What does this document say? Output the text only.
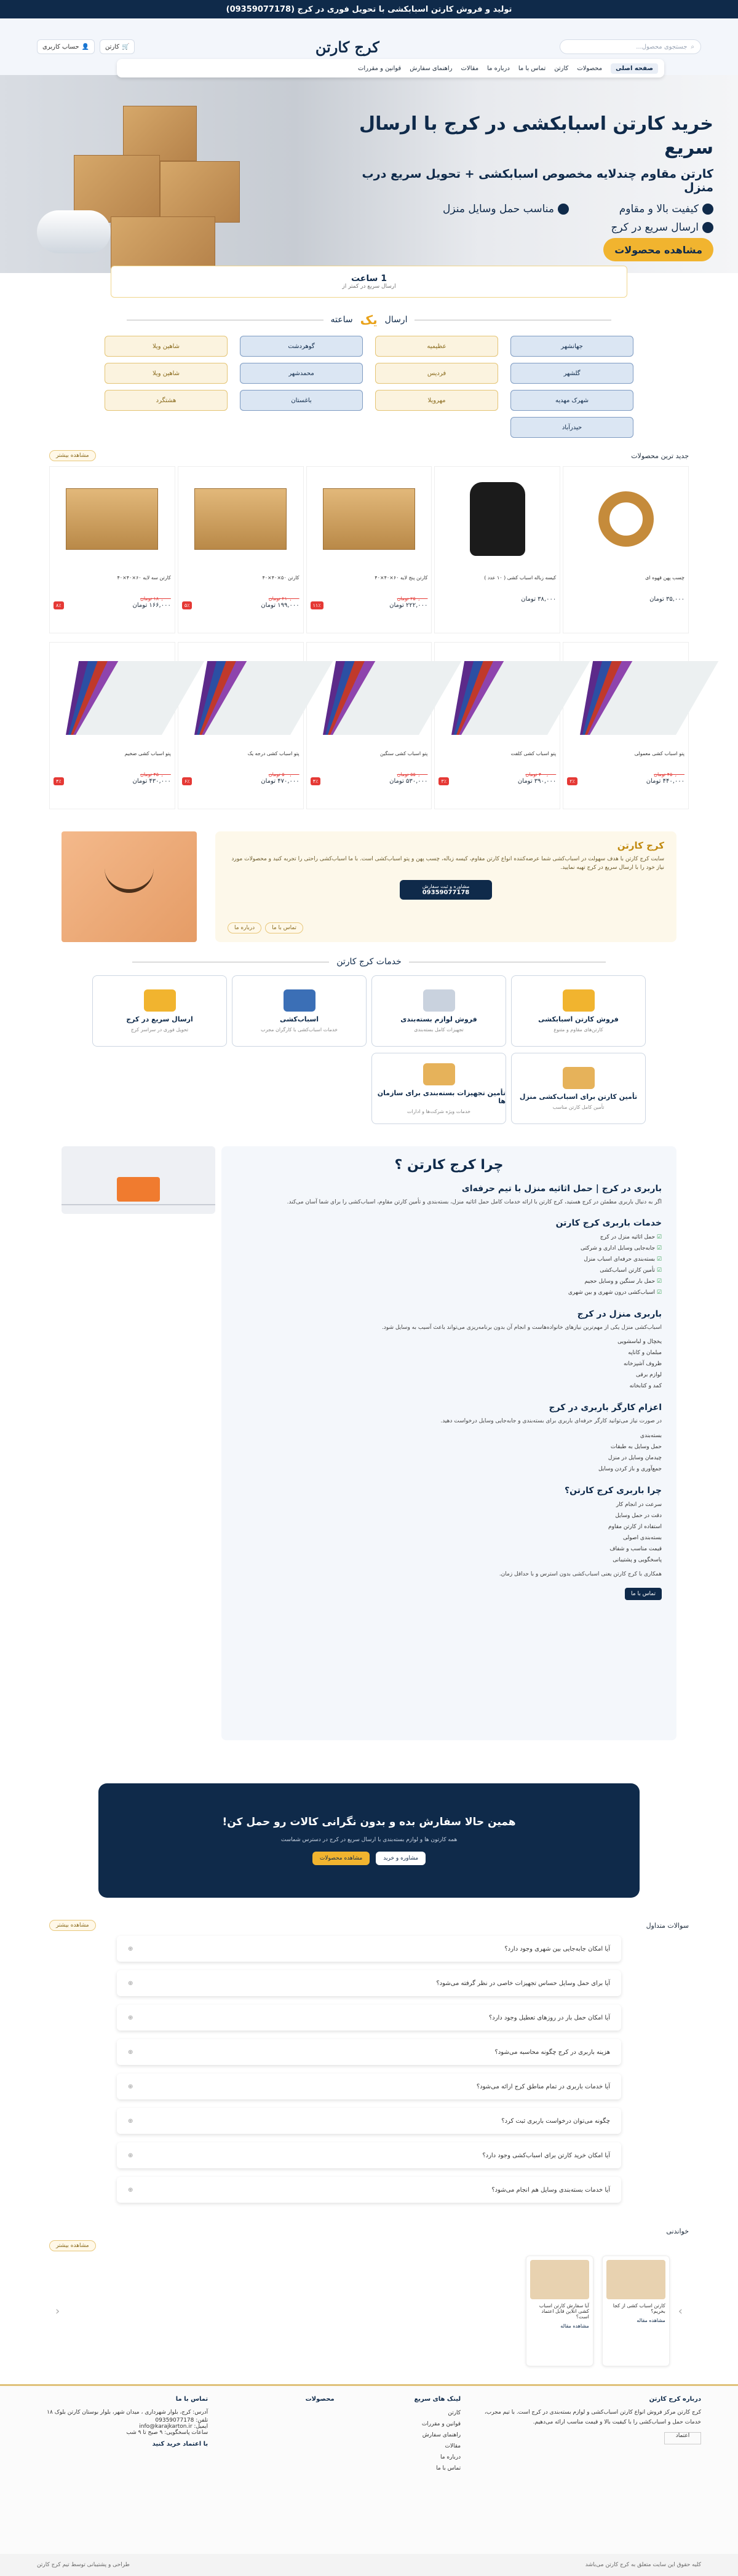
تولید و فروش کارتن اسبابکشی با تحویل فوری در کرج (09359077178)
⌕
جستجوی محصول...
کرج کارتن
🛒
کارتن
👤
حساب کاربری
صفحه اصلی
محصولات
کارتن
تماس با ما
درباره ما
مقالات
راهنمای سفارش
قوانین و مقررات
خرید کارتن اسبابکشی در کرج با ارسال سریع
کارتن مقاوم چندلایه مخصوص اسبابکشی + تحویل سریع درب منزل
کیفیت بالا و مقاوم
مناسب حمل وسایل منزل
ارسال سریع در کرج
مشاهده محصولات
1 ساعت
ارسال سریع در کمتر از
ارسال
یک
ساعته
جهانشهر
عظیمیه
گوهردشت
شاهین ویلا
گلشهر
فردیس
محمدشهر
شاهین ویلا
شهرک مهدیه
مهرویلا
باغستان
هشتگرد
حیدرآباد
جدید ترین محصولات
مشاهده بیشتر
چسب پهن قهوه ای
۳۵,۰۰۰ تومان
کیسه زباله اسباب کشی ( ۱۰ عدد )
۳۸,۰۰۰ تومان
کارتن پنج لایه ۶۰×۴۰×۴۰
۲۵۰,۰۰۰ تومان
۲۲۲,۰۰۰ تومان
۱۱٪
کارتن ۵۰×۴۰×۴۰
۲۱۰,۰۰۰ تومان
۱۹۹,۰۰۰ تومان
۵٪
کارتن سه لایه ۶۰×۴۰×۴۰
۱۸۰,۰۰۰ تومان
۱۶۶,۰۰۰ تومان
۸٪
پتو اسباب کشی معمولی
۴۵۰,۰۰۰ تومان
۴۴۰,۰۰۰ تومان
۲٪
پتو اسباب کشی کلفت
۴۰۰,۰۰۰ تومان
۳۹۰,۰۰۰ تومان
۳٪
پتو اسباب کشی سنگین
۵۵۰,۰۰۰ تومان
۵۳۰,۰۰۰ تومان
۴٪
پتو اسباب کشی درجه یک
۵۰۰,۰۰۰ تومان
۴۷۰,۰۰۰ تومان
۶٪
پتو اسباب کشی ضخیم
۴۵۰,۰۰۰ تومان
۴۳۰,۰۰۰ تومان
۴٪
کرج کارتن

سایت کرج کارتن با هدف سهولت در اسباب‌کشی شما عرضه‌کننده انواع کارتن مقاوم، کیسه زباله، چسب پهن و پتو اسباب‌کشی است. با ما اسباب‌کشی راحتی را تجربه کنید و محصولات مورد نیاز خود را با ارسال سریع در کرج تهیه نمایید.

مشاوره و ثبت سفارش
09359077178
تماس با ما
درباره ما
خدمات کرج کارتن
فروش کارتن اسبابکشی
کارتن‌های مقاوم و متنوع
فروش لوازم بسته‌بندی
تجهیزات کامل بسته‌بندی
اسباب‌کشی
خدمات اسباب‌کشی با کارگران مجرب
ارسال سریع در کرج
تحویل فوری در سراسر کرج
تأمین کارتن برای اسباب‌کشی منزل
تأمین کامل کارتن مناسب
تأمین تجهیزات بسته‌بندی برای سازمان ها
خدمات ویژه شرکت‌ها و ادارات
چرا کرج کارتن ؟
باربری در کرج | حمل اثاثیه منزل با تیم حرفه‌ای

اگر به دنبال باربری مطمئن در کرج هستید، کرج کارتن با ارائه خدمات کامل حمل اثاثیه منزل، بسته‌بندی و تأمین کارتن مقاوم، اسباب‌کشی را برای شما آسان می‌کند.

خدمات باربری کرج کارتن
☑ حمل اثاثیه منزل در کرج
☑ جابه‌جایی وسایل اداری و شرکتی
☑ بسته‌بندی حرفه‌ای اسباب منزل
☑ تأمین کارتن اسباب‌کشی
☑ حمل بار سنگین و وسایل حجیم
☑ اسباب‌کشی درون شهری و بین شهری
باربری منزل در کرج

اسباب‌کشی منزل یکی از مهم‌ترین نیازهای خانواده‌هاست و انجام آن بدون برنامه‌ریزی می‌تواند باعث آسیب به وسایل شود.

یخچال و لباسشویی
مبلمان و کاناپه
ظروف آشپزخانه
لوازم برقی
کمد و کتابخانه
اعزام کارگر باربری در کرج

در صورت نیاز می‌توانید کارگر حرفه‌ای باربری برای بسته‌بندی و جابه‌جایی وسایل درخواست دهید.

بسته‌بندی
حمل وسایل به طبقات
چیدمان وسایل در منزل
جمع‌آوری و باز کردن وسایل
چرا باربری کرج کارتن؟
سرعت در انجام کار
دقت در حمل وسایل
استفاده از کارتن مقاوم
بسته‌بندی اصولی
قیمت مناسب و شفاف
پاسخگویی و پشتیبانی

همکاری با کرج کارتن یعنی اسباب‌کشی بدون استرس و با حداقل زمان.

تماس با ما
همین حالا سفارش بده و بدون نگرانی کالات رو حمل کن!

همه کارتون ها و لوازم بسته‌بندی با ارسال سریع در کرج در دسترس شماست

مشاوره و خرید
مشاهده محصولات
سوالات متداول
مشاهده بیشتر
آیا امکان جابه‌جایی بین شهری وجود دارد؟
⊕
آیا برای حمل وسایل حساس تجهیزات خاصی در نظر گرفته می‌شود؟
⊕
آیا امکان حمل بار در روزهای تعطیل وجود دارد؟
⊕
هزینه باربری در کرج چگونه محاسبه می‌شود؟
⊕
آیا خدمات باربری در تمام مناطق کرج ارائه می‌شود؟
⊕
چگونه می‌توان درخواست باربری ثبت کرد؟
⊕
آیا امکان خرید کارتن برای اسباب‌کشی وجود دارد؟
⊕
آیا خدمات بسته‌بندی وسایل هم انجام می‌شود؟
⊕
خواندنی
مشاهده بیشتر
›

کارتن اسباب کشی از کجا بخریم؟

مشاهده مقاله

آیا سفارش کارتن اسباب کشی انلاین قابل اعتماد است؟

مشاهده مقاله

‹
درباره کرج کارتن

کرج کارتن مرکز فروش انواع کارتن اسباب‌کشی و لوازم بسته‌بندی در کرج است. با تیم مجرب، خدمات حمل و اسباب‌کشی را با کیفیت بالا و قیمت مناسب ارائه می‌دهیم.

اعتماد
لینک های سریع
کارتن
قوانین و مقررات
راهنمای سفارش
مقالات
درباره ما
تماس با ما
محصولات
تماس با ما

آدرس: کرج، بلوار شهرداری ، میدان شهر، بلوار بوستان کارتن بلوک ۱۸

تلفن: 09359077178

ایمیل: info@karajkarton.ir

ساعات پاسخگویی: ۹ صبح تا ۹ شب

با اعتماد خرید کنید
کلیه حقوق این سایت متعلق به کرج کارتن می‌باشد
طراحی و پشتیبانی توسط تیم کرج کارتن
